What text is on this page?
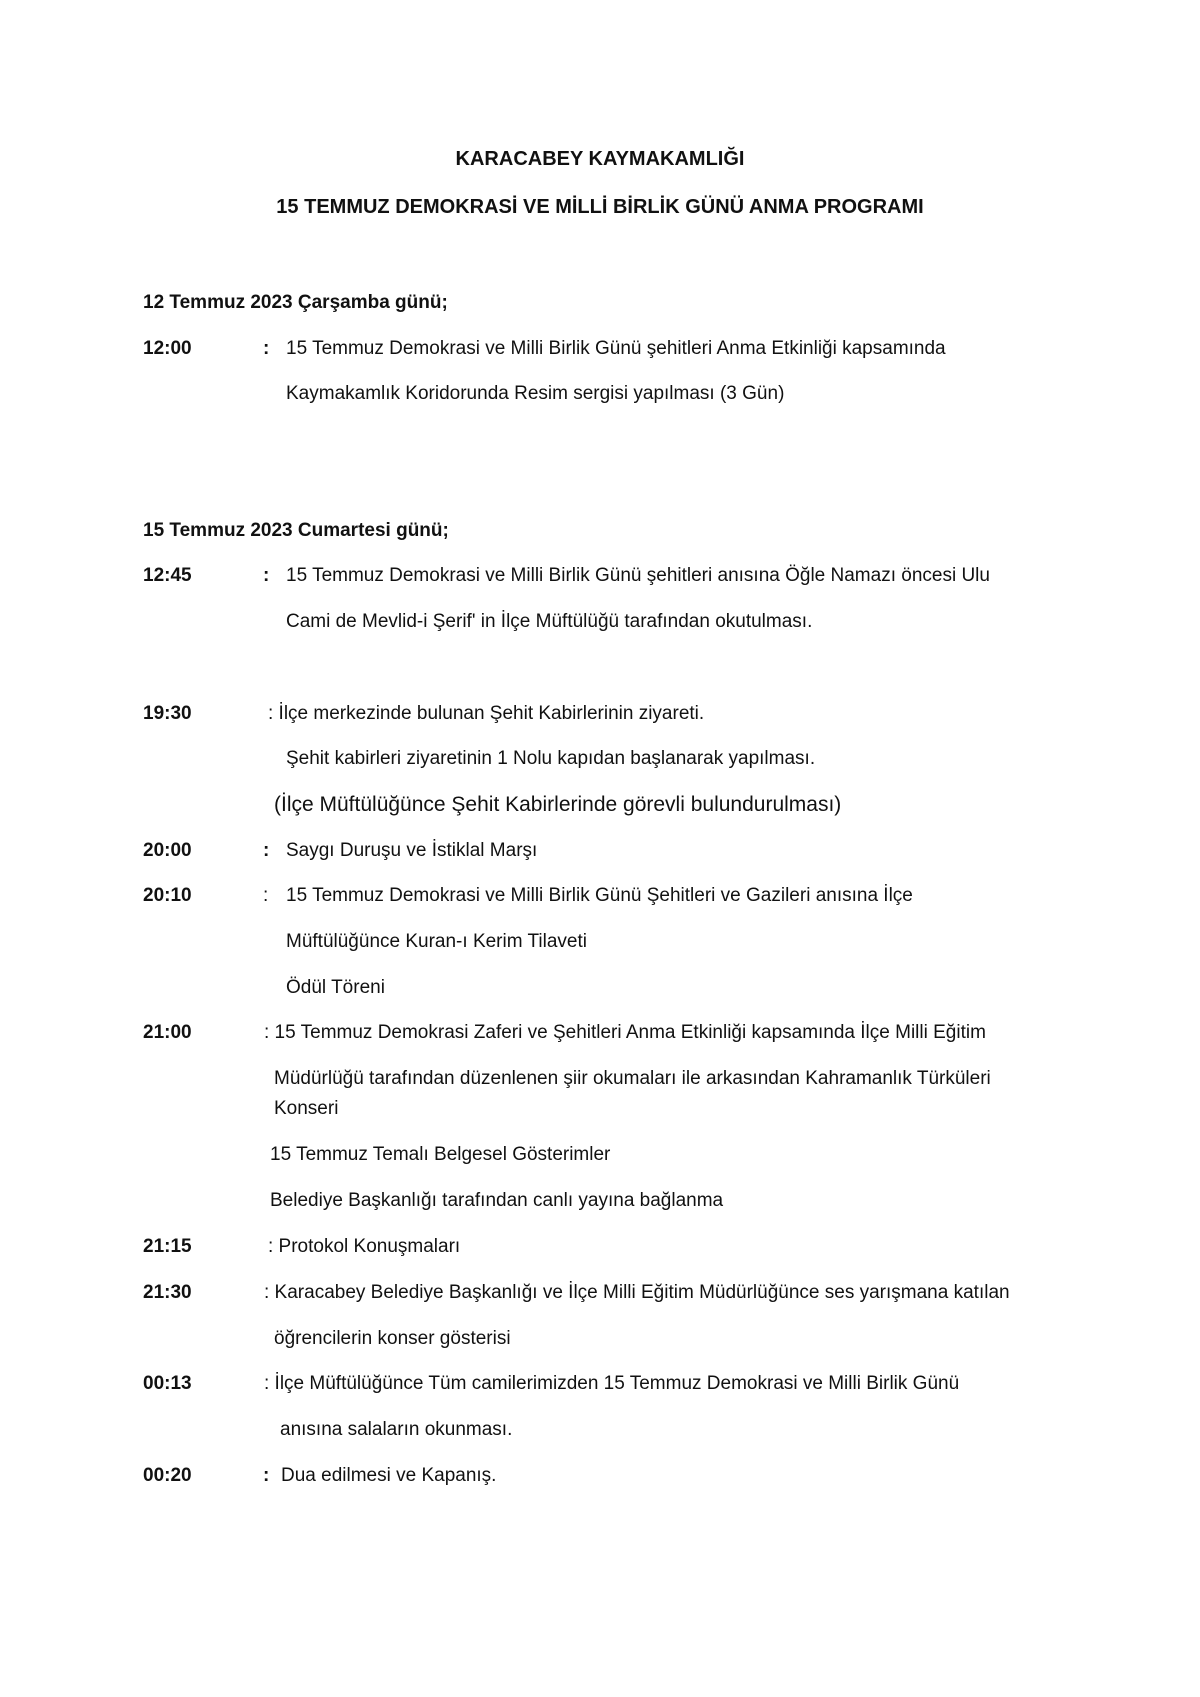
KARACABEY KAYMAKAMLIĞI
15 TEMMUZ DEMOKRASİ VE MİLLİ BİRLİK GÜNÜ ANMA PROGRAMI
12 Temmuz 2023 Çarşamba günü;
12:00	: 15 Temmuz Demokrasi ve Milli Birlik Günü şehitleri Anma Etkinliği kapsamında
Kaymakamlık Koridorunda Resim sergisi yapılması (3 Gün)
15 Temmuz 2023 Cumartesi günü;
12:45	: 15 Temmuz Demokrasi ve Milli Birlik Günü şehitleri anısına Öğle Namazı öncesi Ulu
Cami de Mevlid-i Şerif' in İlçe Müftülüğü tarafından okutulması.
19:30	: İlçe merkezinde bulunan Şehit Kabirlerinin ziyareti.
Şehit kabirleri ziyaretinin 1 Nolu kapıdan başlanarak yapılması.
(İlçe Müftülüğünce Şehit Kabirlerinde görevli bulundurulması)
20:00	: Saygı Duruşu ve İstiklal Marşı
20:10	: 15 Temmuz Demokrasi ve Milli Birlik Günü Şehitleri ve Gazileri anısına İlçe
Müftülüğünce Kuran-ı Kerim Tilaveti
Ödül Töreni
21:00	: 15 Temmuz Demokrasi Zaferi ve Şehitleri Anma Etkinliği kapsamında İlçe Milli Eğitim
Müdürlüğü tarafından düzenlenen şiir okumaları ile arkasından Kahramanlık Türküleri
Konseri
15 Temmuz Temalı Belgesel Gösterimler
Belediye Başkanlığı tarafından canlı yayına bağlanma
21:15	: Protokol Konuşmaları
21:30	: Karacabey Belediye Başkanlığı ve İlçe Milli Eğitim Müdürlüğünce ses yarışmana katılan
öğrencilerin konser gösterisi
00:13	: İlçe Müftülüğünce Tüm camilerimizden 15 Temmuz Demokrasi ve Milli Birlik Günü
anısına salaların okunması.
00:20	: Dua edilmesi ve Kapanış.
